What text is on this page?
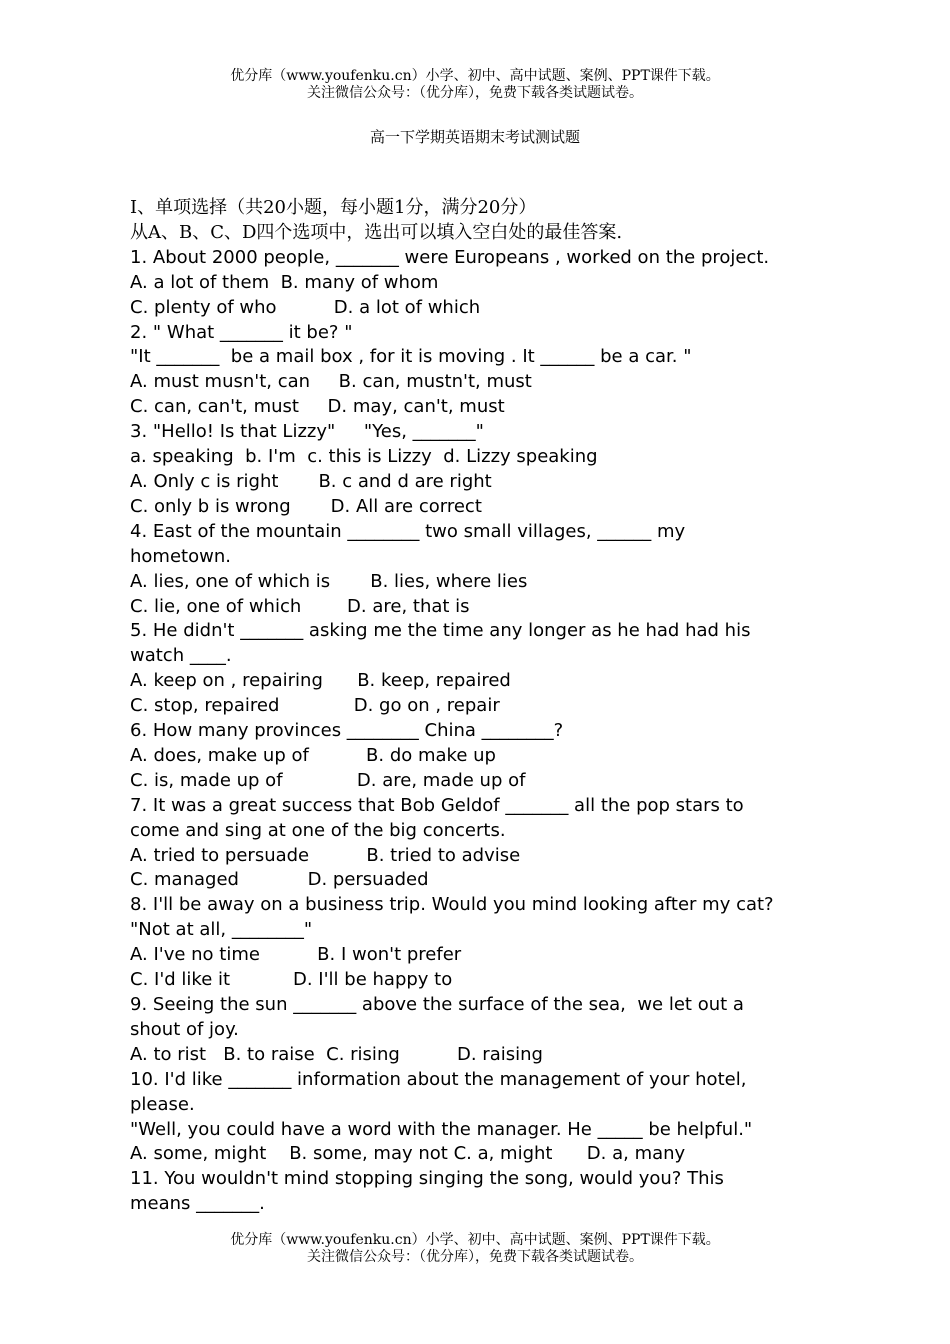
优分库（www.youfenku.cn）小学、初中、高中试题、案例、PPT课件下载。
关注微信公众号：（优分库），免费下载各类试题试卷。
高一下学期英语期末考试测试题
Ⅰ、单项选择（共20小题，每小题1分，满分20分）
从A、B、C、D四个选项中，选出可以填入空白处的最佳答案.
1. About 2000 people, _______ were Europeans , worked on the project.
A. a lot of them  B. many of whom
C. plenty of who          D. a lot of which
2. " What _______ it be? "
"It _______  be a mail box , for it is moving . It ______ be a car. "
A. must musn't, can     B. can, mustn't, must
C. can, can't, must     D. may, can't, must
3. "Hello! Is that Lizzy"     "Yes, _______"
a. speaking  b. I'm  c. this is Lizzy  d. Lizzy speaking
A. Only c is right       B. c and d are right
C. only b is wrong       D. All are correct
4. East of the mountain ________ two small villages, ______ my
hometown.
A. lies, one of which is       B. lies, where lies
C. lie, one of which        D. are, that is
5. He didn't _______ asking me the time any longer as he had had his
watch ____.
A. keep on , repairing      B. keep, repaired
C. stop, repaired             D. go on , repair
6. How many provinces ________ China ________?
A. does, make up of          B. do make up
C. is, made up of             D. are, made up of
7. It was a great success that Bob Geldof _______ all the pop stars to
come and sing at one of the big concerts.
A. tried to persuade          B. tried to advise
C. managed            D. persuaded
8. I'll be away on a business trip. Would you mind looking after my cat?
"Not at all, ________"
A. I've no time          B. I won't prefer
C. I'd like it           D. I'll be happy to
9. Seeing the sun _______ above the surface of the sea,  we let out a
shout of joy.
A. to rist   B. to raise  C. rising          D. raising
10. I'd like _______ information about the management of your hotel,
please.
"Well, you could have a word with the manager. He _____ be helpful."
A. some, might    B. some, may not C. a, might      D. a, many
11. You wouldn't mind stopping singing the song, would you? This
means _______.
优分库（www.youfenku.cn）小学、初中、高中试题、案例、PPT课件下载。
关注微信公众号：（优分库），免费下载各类试题试卷。
